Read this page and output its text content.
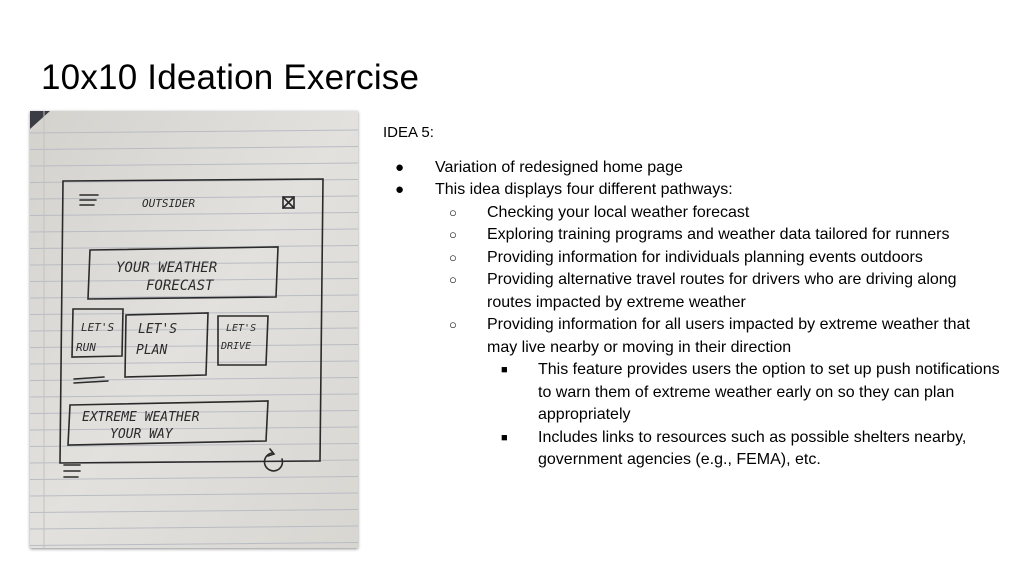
10x10 Ideation Exercise
OUTSIDER
YOUR WEATHER
FORECAST
LET'S
RUN
LET'S
PLAN
LET'S
DRIVE
EXTREME WEATHER
YOUR WAY

IDEA 5:

● Variation of redesigned home page
● This idea displays four different pathways:
○ Checking your local weather forecast
○ Exploring training programs and weather data tailored for runners
○ Providing information for individuals planning events outdoors
○ Providing alternative travel routes for drivers who are driving along routes impacted by extreme weather
○ Providing information for all users impacted by extreme weather that may live nearby or moving in their direction
■ This feature provides users the option to set up push notifications to warn them of extreme weather early on so they can plan appropriately
■ Includes links to resources such as possible shelters nearby, government agencies (e.g., FEMA), etc.
